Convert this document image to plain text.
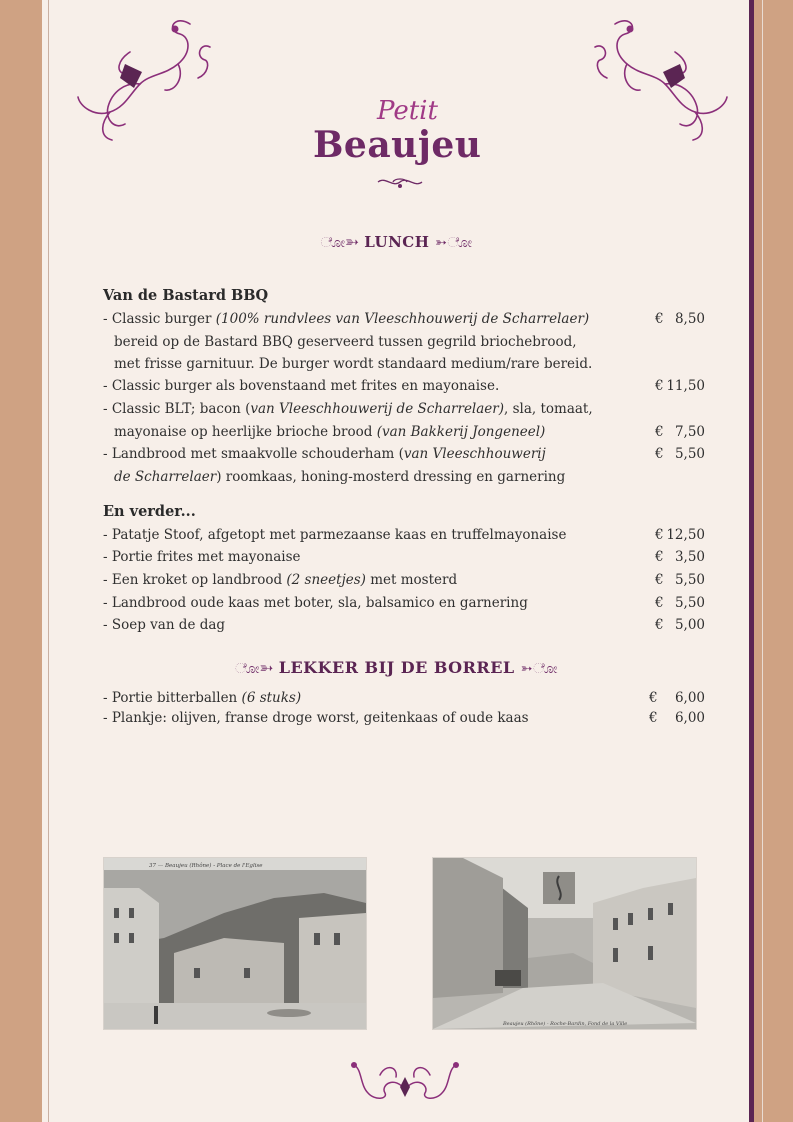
Petit
Beaujeu
ೋ➳ LUNCH ➳ೋ
Van de Bastard BBQ
- Classic burger (100% rundvlees van Vleeschhouwerij de Scharrelaer)	€ 8,50
bereid op de Bastard BBQ geserveerd tussen gegrild briochebrood,
met frisse garnituur. De burger wordt standaard medium/rare bereid.
- Classic burger als bovenstaand met frites en mayonaise.	€ 11,50
- Classic BLT; bacon (van Vleeschhouwerij de Scharrelaer), sla, tomaat,
mayonaise op heerlijke brioche brood (van Bakkerij Jongeneel)	€ 7,50
- Landbrood met smaakvolle schouderham (van Vleeschhouwerij	€ 5,50
de Scharrelaer) roomkaas, honing-mosterd dressing en garnering
En verder...
- Patatje Stoof, afgetopt met parmezaanse kaas en truffelmayonaise	€ 12,50
- Portie frites met mayonaise	€ 3,50
- Een kroket op landbrood (2 sneetjes) met mosterd	€ 5,50
- Landbrood oude kaas met boter, sla, balsamico en garnering	€ 5,50
- Soep van de dag	€ 5,00
ೋ➳ LEKKER BIJ DE BORREL ➳ೋ
- Portie bitterballen (6 stuks)	€ 6,00
- Plankje: olijven, franse droge worst, geitenkaas of oude kaas	€ 6,00
37 — Beaujeu (Rhône) - Place de l'Eglise
Beaujeu (Rhône) - Roche-Bardin, Fond de la Ville
